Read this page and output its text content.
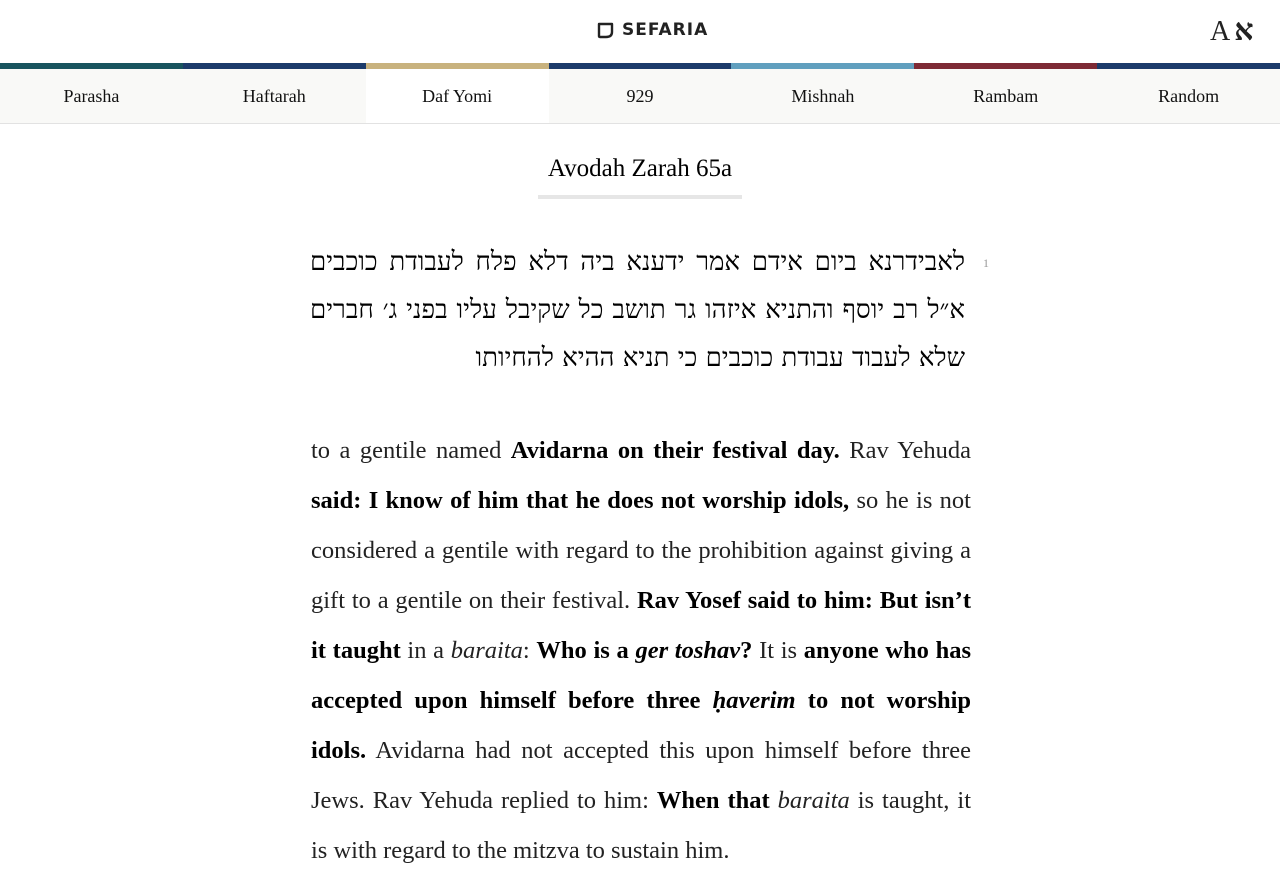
SEFARIA	A א
Parasha	Haftarah	Daf Yomi	929	Mishnah	Rambam	Random
Avodah Zarah 65a
1
לאבידרנא ביום אידם אמר ידענא ביה דלא פלח לעבודת כוכבים א״ל רב יוסף והתניא איזהו גר תושב כל שקיבל עליו בפני ג׳ חברים שלא לעבוד עבודת כוכבים כי תניא ההיא להחיותו
to a gentile named Avidarna on their festival day. Rav Yehuda said: I know of him that he does not worship idols, so he is not considered a gentile with regard to the prohibition against giving a gift to a gentile on their festival. Rav Yosef said to him: But isn’t it taught in a baraita: Who is a ger toshav? It is anyone who has accepted upon himself before three ḥaverim to not worship idols. Avidarna had not accepted this upon himself before three Jews. Rav Yehuda replied to him: When that baraita is taught, it is with regard to the mitzva to sustain him.
